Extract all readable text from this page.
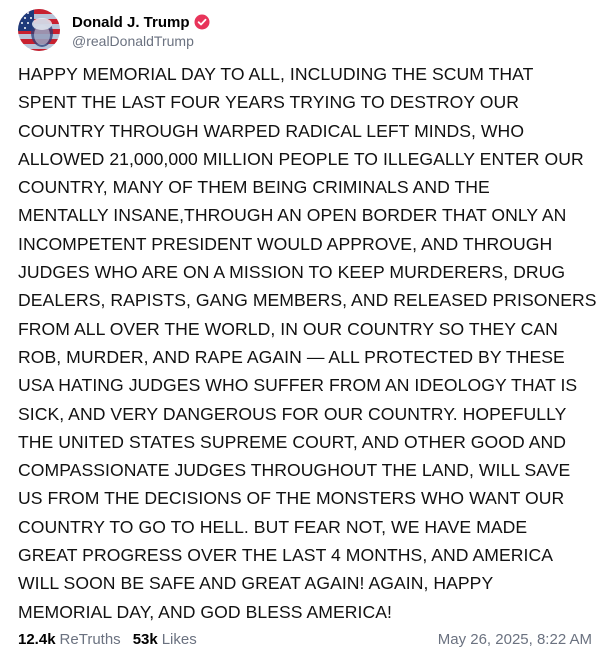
Donald J. Trump
@realDonaldTrump

HAPPY MEMORIAL DAY TO ALL, INCLUDING THE SCUM THAT

SPENT THE LAST FOUR YEARS TRYING TO DESTROY OUR

COUNTRY THROUGH WARPED RADICAL LEFT MINDS, WHO

ALLOWED 21,000,000 MILLION PEOPLE TO ILLEGALLY ENTER OUR

COUNTRY, MANY OF THEM BEING CRIMINALS AND THE

MENTALLY INSANE,THROUGH AN OPEN BORDER THAT ONLY AN

INCOMPETENT PRESIDENT WOULD APPROVE, AND THROUGH

JUDGES WHO ARE ON A MISSION TO KEEP MURDERERS, DRUG

DEALERS, RAPISTS, GANG MEMBERS, AND RELEASED PRISONERS

FROM ALL OVER THE WORLD, IN OUR COUNTRY SO THEY CAN

ROB, MURDER, AND RAPE AGAIN — ALL PROTECTED BY THESE

USA HATING JUDGES WHO SUFFER FROM AN IDEOLOGY THAT IS

SICK, AND VERY DANGEROUS FOR OUR COUNTRY. HOPEFULLY

THE UNITED STATES SUPREME COURT, AND OTHER GOOD AND

COMPASSIONATE JUDGES THROUGHOUT THE LAND, WILL SAVE

US FROM THE DECISIONS OF THE MONSTERS WHO WANT OUR

COUNTRY TO GO TO HELL. BUT FEAR NOT, WE HAVE MADE

GREAT PROGRESS OVER THE LAST 4 MONTHS, AND AMERICA

WILL SOON BE SAFE AND GREAT AGAIN! AGAIN, HAPPY

MEMORIAL DAY, AND GOD BLESS AMERICA!

12.4k ReTruths 53k Likes	May 26, 2025, 8:22 AM
